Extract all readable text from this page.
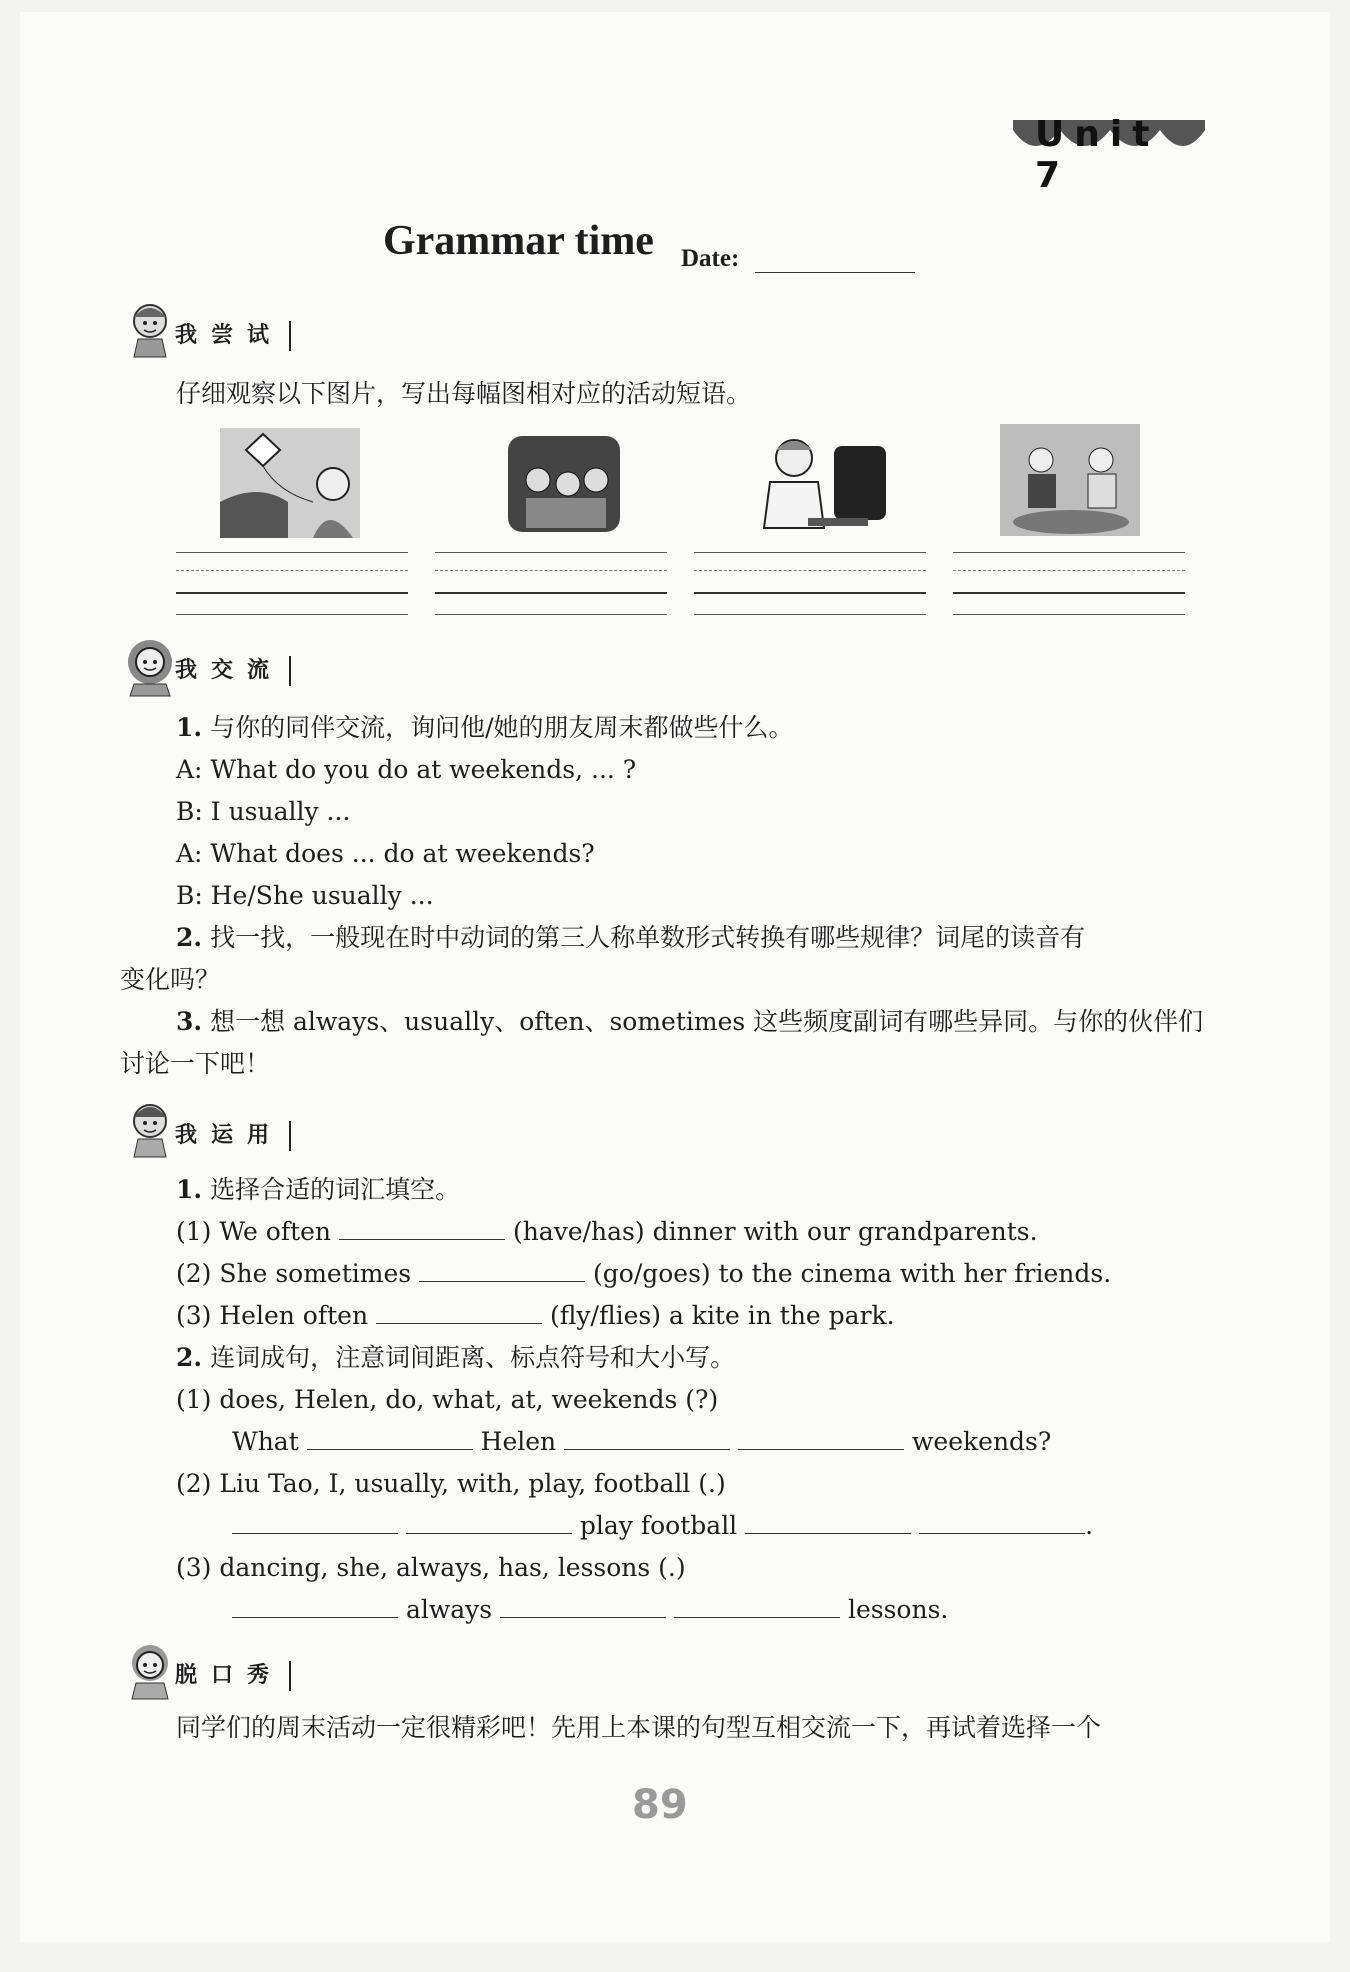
Unit 7
Grammar time Date:
我尝试
仔细观察以下图片，写出每幅图相对应的活动短语。
我交流
1. 与你的同伴交流，询问他/她的朋友周末都做些什么。
A: What do you do at weekends, ... ?
B: I usually ...
A: What does ... do at weekends?
B: He/She usually ...
2. 找一找，一般现在时中动词的第三人称单数形式转换有哪些规律？词尾的读音有
变化吗？
3. 想一想 always、usually、often、sometimes 这些频度副词有哪些异同。与你的伙伴们
讨论一下吧！
我运用
1. 选择合适的词汇填空。
(1) We often	(have/has) dinner with our grandparents.
(2) She sometimes	(go/goes) to the cinema with her friends.
(3) Helen often	(fly/flies) a kite in the park.
2. 连词成句，注意词间距离、标点符号和大小写。
(1) does, Helen, do, what, at, weekends (?)
What	Helen	weekends?
(2) Liu Tao, I, usually, with, play, football (.)
play football	.
(3) dancing, she, always, has, lessons (.)
always	lessons.
脱口秀
同学们的周末活动一定很精彩吧！先用上本课的句型互相交流一下，再试着选择一个
89
